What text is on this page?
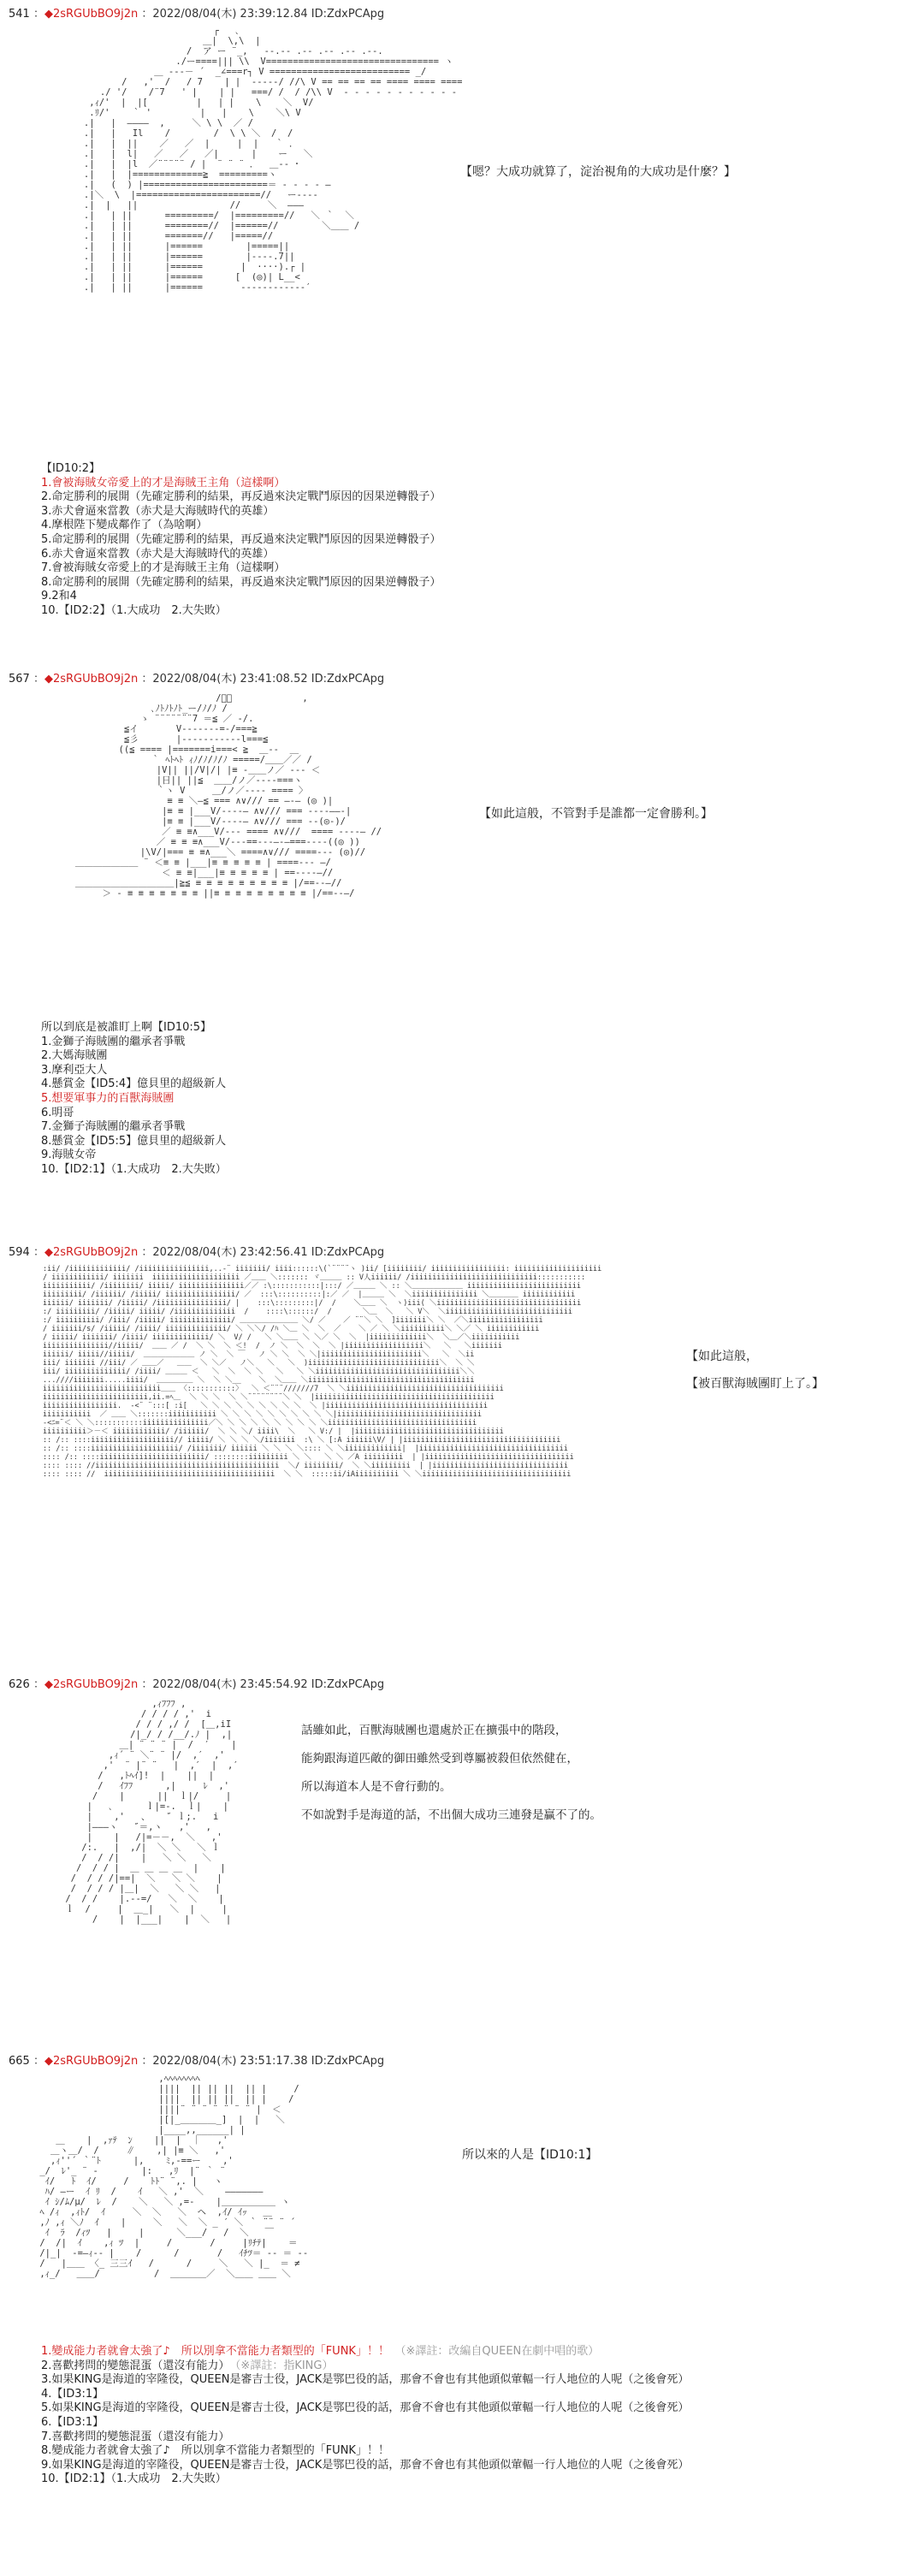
541 ：◆2sRGUbBO9j2n ：2022/08/04(木) 23:39:12.84 ID:ZdxPCApg
┌   ､
＿|  \,\  |
/  ア ー ¨_,   --.-- .-- .-- .-- .--.
./ー====||| \\  V================================ ヽ
＿ ---－ ´  _∠===r┐ V ========================== _/
/   ,'  /   / 7    | |  -----/ //\ V == == == == ==== ==== ====
./ '/    /¨7   ' |    | |   ===/ /  / /\\ V  ‐ ‐ ‐ ‐ ‐ ‐ ‐ ‐ ‐ ‐ ‐
,ｨ/'  |  |[         |   | |    \    ＼  V/
.ﾘ/'    ｀ '         |   |    \    ＼\ V
.|   |  ――――  ,     ＼ \ \  ／ /
.|   |   Il    /        /  \ \ ＼  /  /
.|   |  ||    ／   ／  |     |  |   ｀ ．
.|   |  l|   ／   ／   ／|      |    ー   ＼
.|   |  |l  ／¨¨¨¨¨ / |  ¨ ¨ ¨ ．  ＿‐‐ ･
.|   |  |=============≧  =========ヽ
.|   (  ) |=======================＝ ‐ ‐ ‐ ‐ ―
.|＼  \  |=======================//   ー‐‐‐‐
.|  |   ||                 //     ＼  ―――
.|   | ||      =========/  |=========//   ＼ ｀  ＼
.|   | ||      ========//  |======//        ＼＿＿ /
.|   | ||      =======//   |=====//
.|   | ||      |======        |=====||
.|   | ||      |======        |----.7||
.|   | ||      |======       |  ····).┌ |
.|   | ||      |======      [  (◎)| L__<
.|   | ||      |======       ---‐‐‐‐‐‐‐‐‐′

【嗯？大成功就算了，淀治視角的大成功是什麼？】
【ID10:2】
1.會被海賊女帝愛上的才是海賊王主角（這樣啊）
2.命定勝利的展開（先確定勝利的結果，再反過來決定戰鬥原因的因果逆轉骰子）
3.赤犬會逼來當教（赤犬是大海賊時代的英雄）
4.摩根陛下變成鄰作了（為啥啊）
5.命定勝利的展開（先確定勝利的結果，再反過來決定戰鬥原因的因果逆轉骰子）
6.赤犬會逼來當教（赤犬是大海賊時代的英雄）
7.會被海賊女帝愛上的才是海賊王主角（這樣啊）
8.命定勝利的展開（先確定勝利的結果，再反過來決定戰鬥原因的因果逆轉骰子）
9.2和4
10.【ID2:2】（1.大成功　2.大失敗）
567 ：◆2sRGUbBO9j2n ：2022/08/04(木) 23:41:08.52 ID:ZdxPCApg
/ﾞ／             ,
､ﾉﾄﾉﾄﾉﾄ_ー/ﾉ/ﾉ /
ゝ ¨¨¨¨¨¨¨7 ＝≦ ／ -/.
≦イ       V-‐‐‐‐‐‐=‐/===≧
≦彡       |-----------l===≦
((≦ ==== |=======i===< ≧  ＿‐‐  ＿
｀ ﾍﾄﾍﾄ ｨﾉ/ﾉ/ﾉ/ﾉ =====/＿＿／／ /
|V|| ||/V|/| |≡ -＿＿ノ／ ‐‐‐ ＜
|日|| ||≦  ＿＿/ノ／‐‐‐‐===ヽ
｀ヽ V     ＿/ノ／‐‐‐‐ ==== 〉
≡ ≡ ＼―≦ === ∧∨/// == ―‐― (◎ )|
|≡ ≡ |___V/‐‐‐‐― ∧∨/// === ‐‐‐‐――‐|
|≡ ≡ |___V/‐‐‐‐― ∧∨/// === ‐‐(◎‐)/
／ ≡ ≡∧___V/‐‐‐ ==== ∧∨///  ==== ‐‐‐‐― //
／ ≡ ≡ ≡∧___V/‐‐‐==‐‐‐―‐―===‐‐‐‐((◎ ))
|\V/|=== ≡ ≡∧___＼ ====∧∨/// ====‐‐‐ (◎)//
＿＿＿＿＿＿＿ ¨ ＜≡ ≡ |___|≡ ≡ ≡ ≡ ≡ | ====‐‐‐ ―/
＜ ≡ ≡|___|≡ ≡ ≡ ≡ ≡ | ==‐‐‐‐―//
＿＿＿＿＿＿＿＿＿＿＿|≧≦ ≡ ≡ ≡ ≡ ≡ ≡ ≡ ≡ ≡ |/==‐‐―//
＞ ‐ ≡ ≡ ≡ ≡ ≡ ≡ ≡ ||≡ ≡ ≡ ≡ ≡ ≡ ≡ ≡ ≡ |/==‐‐―/

【如此這般，不管對手是誰都一定會勝利。】
所以到底是被誰盯上啊【ID10:5】
1.金獅子海賊團的繼承者爭戰
2.大媽海賊團
3.摩利亞大人
4.懸賞金【ID5:4】億貝里的超級新人
5.想要軍事力的百獸海賊團
6.明哥
7.金獅子海賊團的繼承者爭戰
8.懸賞金【ID5:5】億貝里的超級新人
9.海賊女帝
10.【ID2:1】（1.大成功　2.大失敗）
594 ：◆2sRGUbBO9j2n ：2022/08/04(木) 23:42:56.41 ID:ZdxPCApg
:ii/ /iiiiiiiiiiiii/ /iiiiiiiiiiiiiiii,..-¨ iiiiiii/ iiii::::::\(`¨¨¨¨ヽ )ii/ [iiiiiiii/ iiiiiiiiiiiiiiiii: iiiiiiiiiiiiiiiiiiii
/ iiiiiiiiiiii/ iiiiiii  iiiiiiiiiiiiiiiiiiii ／＿＿ ＼::::::: ヾ＿＿＿ :: V人iiiiii/ /iiiiiiiiiiiiiiiiiiiiiiiiiiiii:::::::::::
iiiiiiiiiii/ /iiiiiiii/ iiiii/ iiiiiiiiiiiiiii／／ :\:::::::::::|:::/ ／＿＿＿ ＼ :: ＼＿＿＿＿＿＿＿ iiiiiiiiiiiiiiiiiiiiiiiiii
iiiiiiiii/ /iiiiii/ /iiiii/ iiiiiiiiiiiiiiii/ ／  :::\::::::::::|:／ ／  |＿＿＿ ＼  ＼iiiiiiiiiiiiiii ＼＿＿＿＿ iiiiiiiiiiii
iiiiii/ iiiiiii/ /iiiii/ /iiiiiiiiiiiiiiii/ |    :::\:::::::::|/  /    ＼＿＿ ＼  ヽ)iii( ＼iiiiiiiiiiiiiiiiiiiiiiiiiiiiiiiii
:/ iiiiiiiii/ /iiiii/ iiiii/ /iiiiiiiiiiiiii  /    ::::\::::::/  /       ＼＿  ＼   ＼ V＼  ＼iiiiiiiiiiiiiiiiiiiiiiiiiiiii
:/ iiiiiiiiii/ /iii/ /iiiii/ iiiiiiiiiiiiii/ ＿＿＿＿＿＿＿＿ ＼/ ／    ／ ¨¨＼ ＼  ]iiiiiii＼ ＼  ／＼iiiiiiiiiiiiiiiii
/ iiiiiii/s/ /iiiii/ /iiii/ iiiiiiiiiiiiii/ ＼ ＼＼/ /ﾊ ＼＿ ＼  ＼  ／    ＼ ／ ＼ ＼iiiiiiiiii＼ ＼／ ＼ iiiiiiiiiiii
/ iiiii/ iiiiiii/ /iiii/ iiiiiiiiiiiii/ ＼  V/ /   ＼ ＼＿＿ ＼ ＼／ ＼  ＼  |iiiiiiiiiiiii＼  ＼＿／＼iiiiiiiiiii
iiiiiiiiiiiiiii//iiiii/  ＿＿ ／ /  ＼ ＼  ＼ ＜!  /  ノ ＼  ＼  ＼  ＼ |iiiiiiiiiiiiiiiiii＼   ＼   ＼iiiiiii
iiiiii/ iiiii//iiiii/  ＿＿＿＿＿＿＿ ノ ＼  ＼ ￣   ノ ＼ ＼  ＼ ＼|iiiiiiiiiiiiiiiiiiiiiii＼   ＼  ＼ii
iii/ iiiiiii //iii/ ／ ＿＿／   ＿＿  ＼ ＼／   ノ＼   ＼   ＼  )iiiiiiiiiiiiiiiiiiiiiiiiiiiiii＼  ＼ ＼
iii/ iiiiiiiiiiiiii/ /iiii/ ＿＿＿ ＜   ＼  ＼  ＼ ＼   ＼   ＼ ＼iiiiiiiiiiiiiiiiiiiiiiiiiiiiiiiii＼＼
...////iiiiiii.....iiii/  ＿＿＿＿＿ ＼  ＼ ＼__    ＼  ＼＿＿ ＼iiiiiiiiiiiiiiiiiiiiiiiiiiiiiiiiiiiiii
iiiiiiiiiiiiiiiiiiiiiiiiiii＿＿ 〈:::::::::::〉  ＼ ＜¨¨¨///////7  ＼ ＼iiiiiiiiiiiiiiiiiiiiiiiiiiiiiiiiiiii
iiiiiiiiiiiiiiiiiiiiiiii,ii.=ﾍ＿  ＼ ＼ ＼  ＼ ＼¨¨¨¨¨¨¨¨＼ ＼  |iiiiiiiiiiiiiiiiiiiiiiiiiiiiiiiiiiiiiiiii
iiiiiiiiiiiiiiiii.  -<¨ ¨:::[ :i[   ＼ ＼ ＼ ＼ ＼ ＼ ＼ ＼ ＼  ＼ |iiiiiiiiiiiiiiiiiiiiiiiiiiiiiiiiiiiii
iiiiiiiiiii  ／ ＿＿ ＼:::::::iiiiiiiiiii ＼ ＼ ＼ ＼ ＼ ＼ ＼ ＼ ＼ ＼|iiiiiiiiiiiiiiiiiiiiiiiiiiiiiiiii
-<ﾆ=¨＜ ＼ ＼:::::::::::iiiiiiiiiiiiiii／＼ ＼ ＼ ＼ ＼ ＼ ＼ ＼ ＼ ＼iiiiiiiiiiiiiiiiiiiiiiiiiiiiiiiiii
iiiiiiiiii＞－＜ iiiiiiiiiiii/ /iiiiii/  ＼ ＼ ＼/ iiii\  ＼   ＼ V:/ |  |iiiiiiiiiiiiiiiiiiiiiiiiiiiiiiiiii
:: /:: ::::iiiiiiiiiiiiiiiiiii// iiiii/ ＼ ＼ ＼ ＼/iiiiiii  :\ ＼ [:A iiiiii\V/ | |iiiiiiiiiiiiiiiiiiiiiiiiiiiiiiiiiiii
:: /:: ::::iiiiiiiiiiiiiiiiiiii/ /iiiiiii/ iiiiii ＼ ＼ ＼ ＼:::: ＼ ＼iiiiiiiiiiiii|  |iiiiiiiiiiiiiiiiiiiiiiiiiiiiiiiiii
:::: /:: ::::iiiiiiiiiiiiiiiiiiiiiiii/ ::::::::iiiiiiiii ＼ ＼   ＼ ＼ ／A iiiiiiiii  | |iiiiiiiiiiiiiiiiiiiiiiiiiiiiiiiiii
:::: :::: //iiiiiiiiiiiiiiiiiiiiiiiiiiiiiiiiiiiiiiiiii  ＼/ iiiiiiii/  ＼ ＼iiiiiiiii  | |iiiiiiiiiiiiiiiiiiiiiiiiiiiiiii
:::: :::: //  iiiiiiiiiiiiiiiiiiiiiiiiiiiiiiiiiiiiiii  ＼ ＼  :::::ii/iAiiiiiiiiii ＼ ＼iiiiiiiiiiiiiiiiiiiiiiiiiiiiiiiiii

【如此這般，
【被百獸海賊團盯上了。】
626 ：◆2sRGUbBO9j2n ：2022/08/04(木) 23:45:54.92 ID:ZdxPCApg
,ｨﾌﾌﾌ ,
/ / / / ,'  i
/ / / ,/ /  [＿,iI
/|_/ / /__/.ﾉ |  ,|
＿| ¨ ¨ ¨ |  /  ′    |
,ｨ´ ¨ ＼¨ ¨ |/  ,′  ,'
,'  ¨ |¨ ¨   |  ,′  |  ,′
/   ,ﾄﾍｲ]!  |    ||  |
/   ｲﾌﾌ      ,|     ﾚ  ,'
/    |      ||  ｌ|/     |
|   ､      ｌ|=-.  ｌ|    |
|    ,'   、   ″ ｌ;.   i
|―――ヽ   ″＝,ヽ   ,'   ,
|    |   /|=－－,  ＼   ,'
/:.   |  ,/|  ＼ ＼   ＼ ｌ
/  / /|    |   ＼ ＼   ＼
/  / / |  ＿ ＿ ＿ ＿  |    |
/  / / /|==|  ＼   ＼ ＼    |
/  / / / |＿|  ＼   ＼ ＼   |
/  / /    |.--=/   ＼  ＼    |
ｌ  /     |  ＿_|   ＼  |     |
/    |  |___|    |  ＼   |

話雖如此，百獸海賊團也還處於正在擴張中的階段，
能夠跟海道匹敵的御田雖然受到尊屬被殺但依然健在，
所以海道本人是不會行動的。
不如說對手是海道的話，不出個大成功三連發是贏不了的。
665 ：◆2sRGUbBO9j2n ：2022/08/04(木) 23:51:17.38 ID:ZdxPCApg
,ﾍﾍﾍﾍﾍﾍﾍﾍ
||||  || || ||  || |     /
||||  || || ||  || |    /
||||¨ ¨ ¨ ¨ ¨ ¨ ¨ |  ＜
|[|_＿＿＿＿_]  |  |   ＼
|____,,______| |
＿    |  ,ｧﾃ  ﾝ    ||  |  ｜   ,'
＿ヽ＿/  /     ∥    ,| |≡ ＼   ,'
,ｨ''´ ｀¨ﾄ      |,    ﾐ,-==ー    ,'
_/  ﾚ'_ ¨ ‐        |:   ,ﾘ  |¨ ｀ ¨
ｲ/   ﾄ  ｲ/     /    ﾄﾄ¨ ¨,. |   ヽ
ﾊ/ ―ー  ｲ ﾘ  /    ｲ   ＼ ,'  ＼    ―――――――
ｲ ｼ/ﾑ/μ/  ﾚ  /    ＼   ＼ ,=-    |＿＿＿＿＿＿ ヽ
ﾍ /ｨ  ,ｨﾄ/  ｲ     ＼  ＼   ＼  ヘ  ,ｲ/ ｲｯ   ＿
,ﾉ ,ｨ ＼ﾉ  ｲ    |     ＼   ＼  ＼ _ ′ ＼ ｀ ¨¨ ¨ ´
ｲ  ﾗ  /ｨﾂ   |     |      ＼___/   /  ＼   ￣
/  /|  ｲ    ,ｨ ﾂ  |     /       /     |ﾘﾁﾃ|    ＝
/|_|  ‐=―ｨ‐‐ |    /      /       /   ｲﾁﾂ＝ ‐‐ ＝ ‐‐
/   |＿＿ 〈_ 三三ｲ   /      /     ＼   ＼ |_  ＝ ≠
,ｨ_/   ＿＿/          /  ＿＿＿＿／  ＼＿＿ ＿＿ ＼

所以來的人是【ID10:1】
1.變成能力者就會太強了♪　所以別拿不當能力者類型的「FUNK」！！　 （※譯註：改編自QUEEN在劇中唱的歌）
2.喜歡拷問的變態混蛋（還沒有能力）　 （※譯註：指KING）
3.如果KING是海道的宰隆役，QUEEN是審吉士役，JACK是鄂巴役的話，那會不會也有其他頭似葷輻一行人地位的人呢（之後會死）
4.【ID3:1】
5.如果KING是海道的宰隆役，QUEEN是審吉士役，JACK是鄂巴役的話，那會不會也有其他頭似葷輻一行人地位的人呢（之後會死）
6.【ID3:1】
7.喜歡拷問的變態混蛋（還沒有能力）
8.變成能力者就會太強了♪　所以別拿不當能力者類型的「FUNK」！！
9.如果KING是海道的宰隆役，QUEEN是審吉士役，JACK是鄂巴役的話，那會不會也有其他頭似葷輻一行人地位的人呢（之後會死）
10.【ID2:1】（1.大成功　2.大失敗）
